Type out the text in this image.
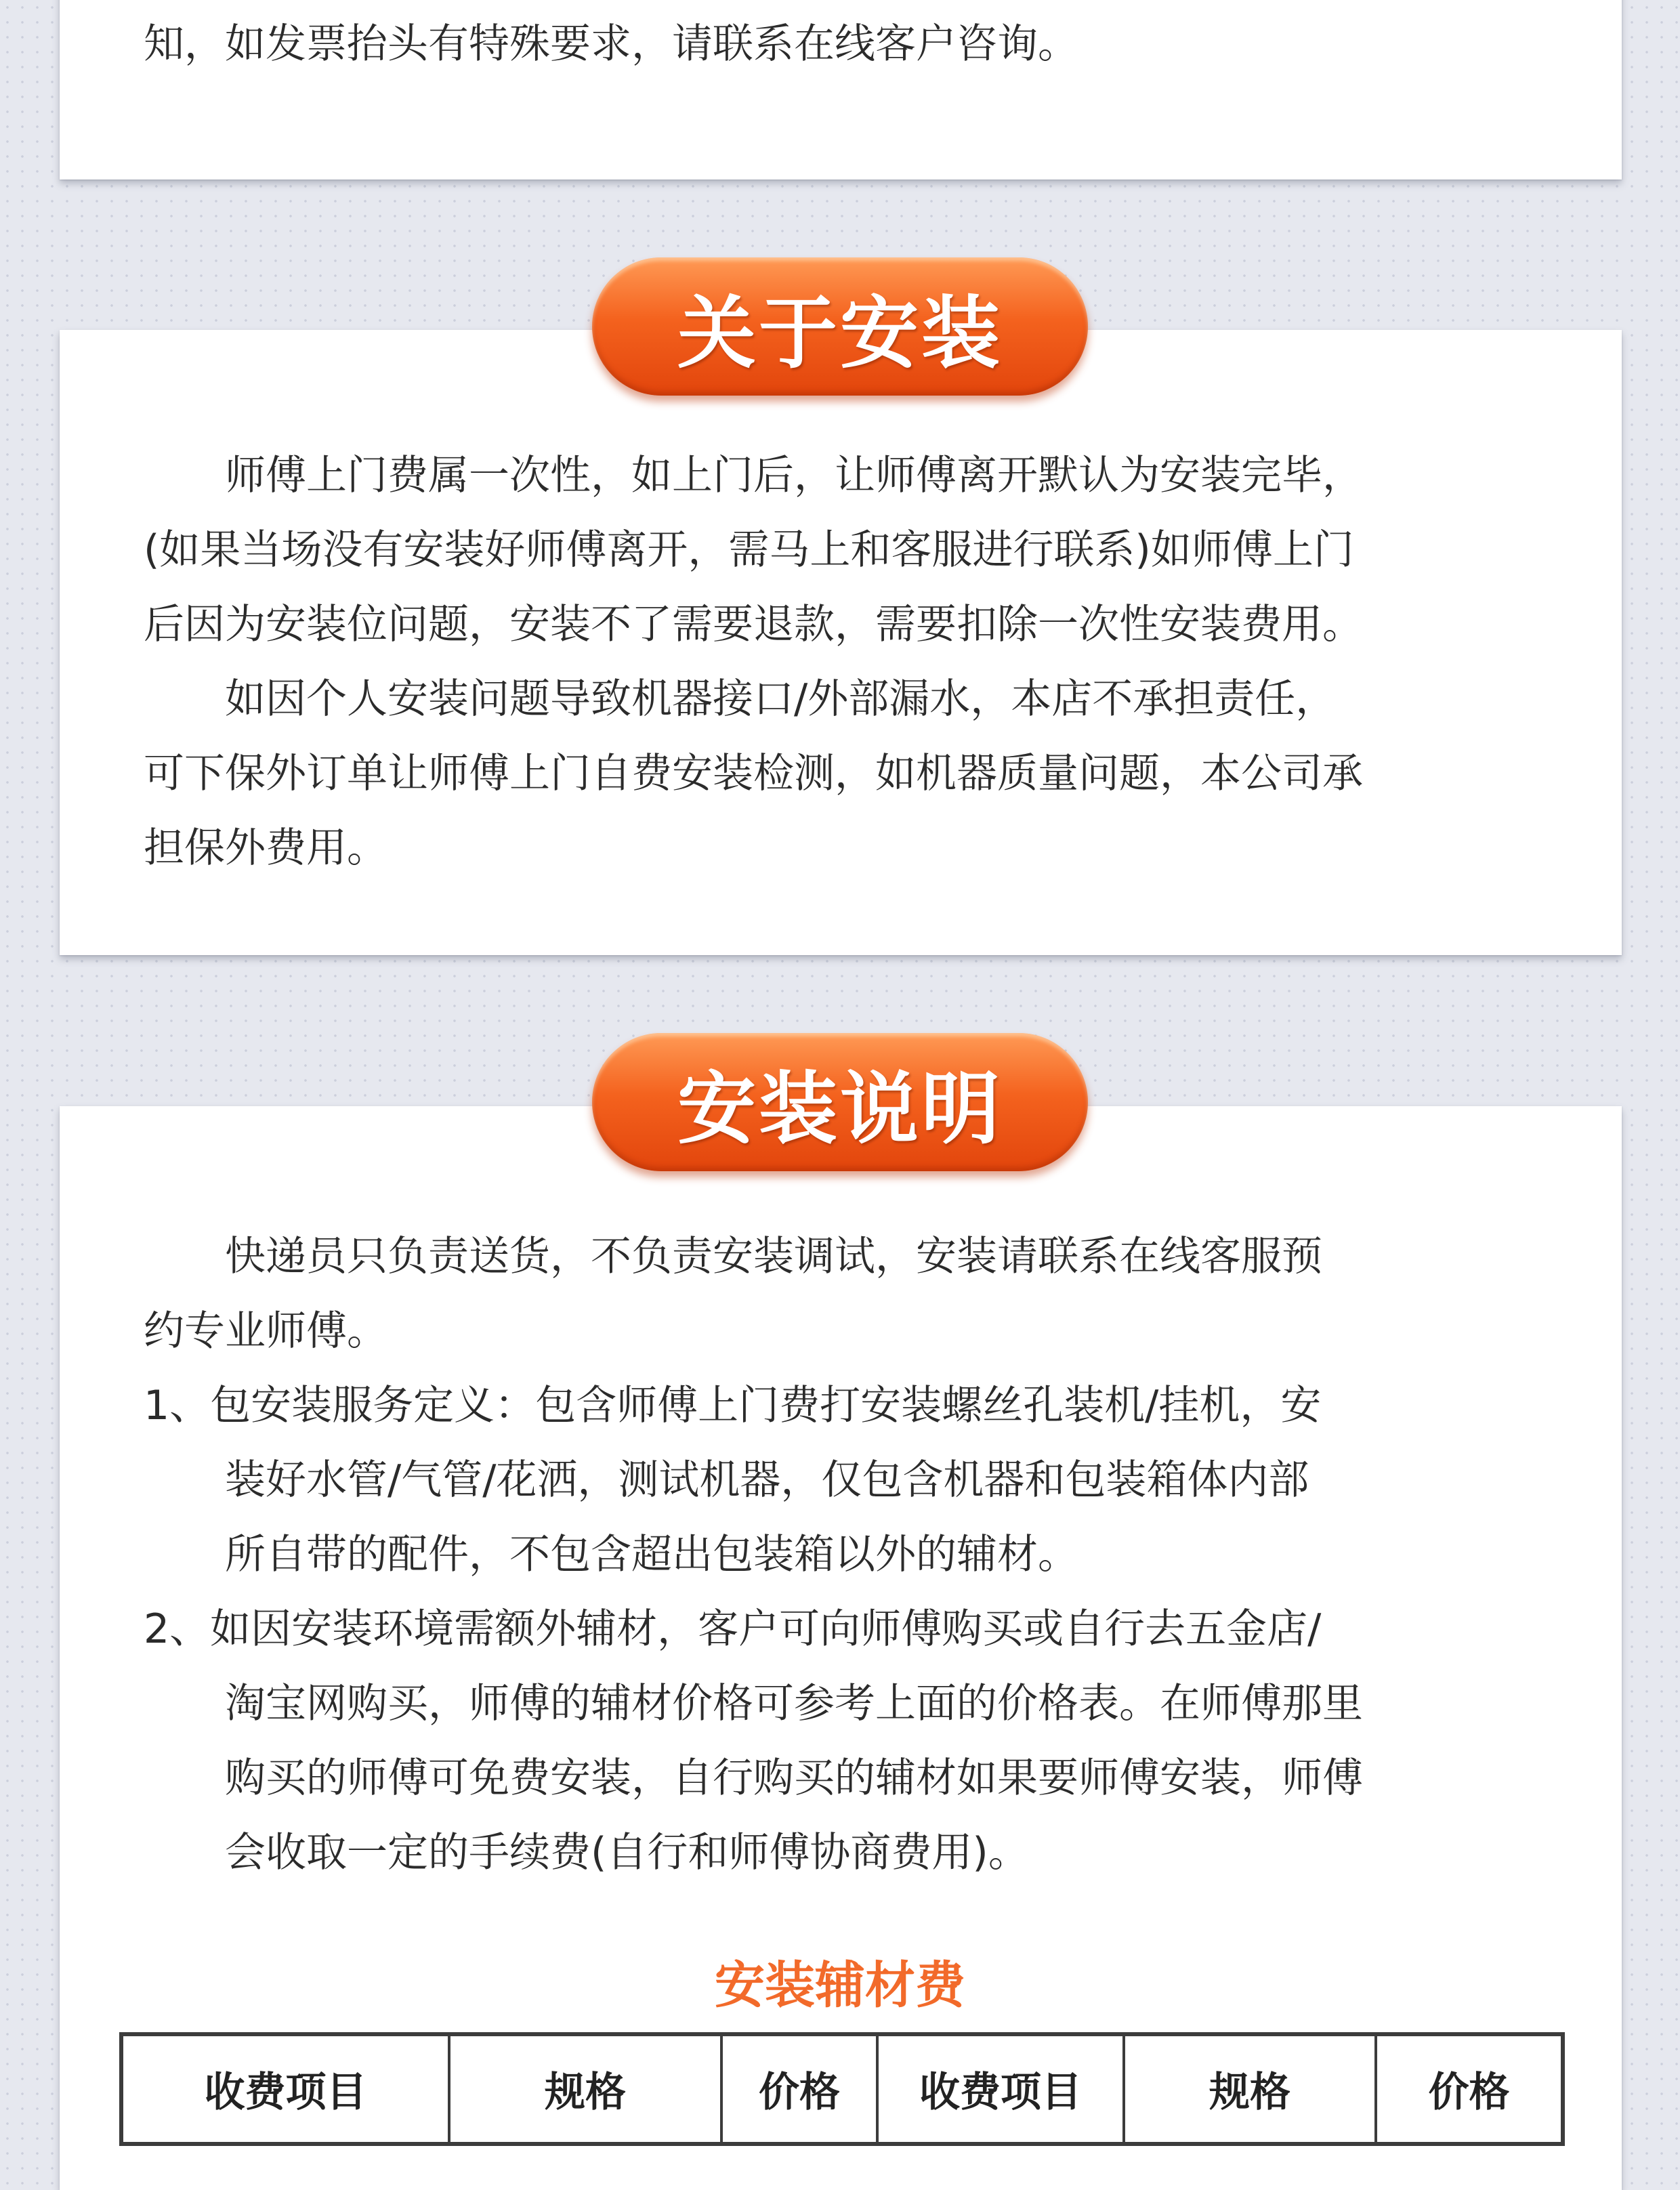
知，如发票抬头有特殊要求，请联系在线客户咨询。

师傅上门费属一次性，如上门后，让师傅离开默认为安装完毕，

(如果当场没有安装好师傅离开，需马上和客服进行联系)如师傅上门

后因为安装位问题，安装不了需要退款，需要扣除一次性安装费用。

如因个人安装问题导致机器接口/外部漏水，本店不承担责任，

可下保外订单让师傅上门自费安装检测，如机器质量问题，本公司承

担保外费用。

关于安装

快递员只负责送货，不负责安装调试，安装请联系在线客服预

约专业师傅。

1、包安装服务定义：包含师傅上门费打安装螺丝孔装机/挂机，安

装好水管/气管/花洒，测试机器，仅包含机器和包装箱体内部

所自带的配件，不包含超出包装箱以外的辅材。

2、如因安装环境需额外辅材，客户可向师傅购买或自行去五金店/

淘宝网购买，师傅的辅材价格可参考上面的价格表。在师傅那里

购买的师傅可免费安装，自行购买的辅材如果要师傅安装，师傅

会收取一定的手续费(自行和师傅协商费用)。

安装说明
安装辅材费
收费项目	规格	价格	收费项目	规格	价格
